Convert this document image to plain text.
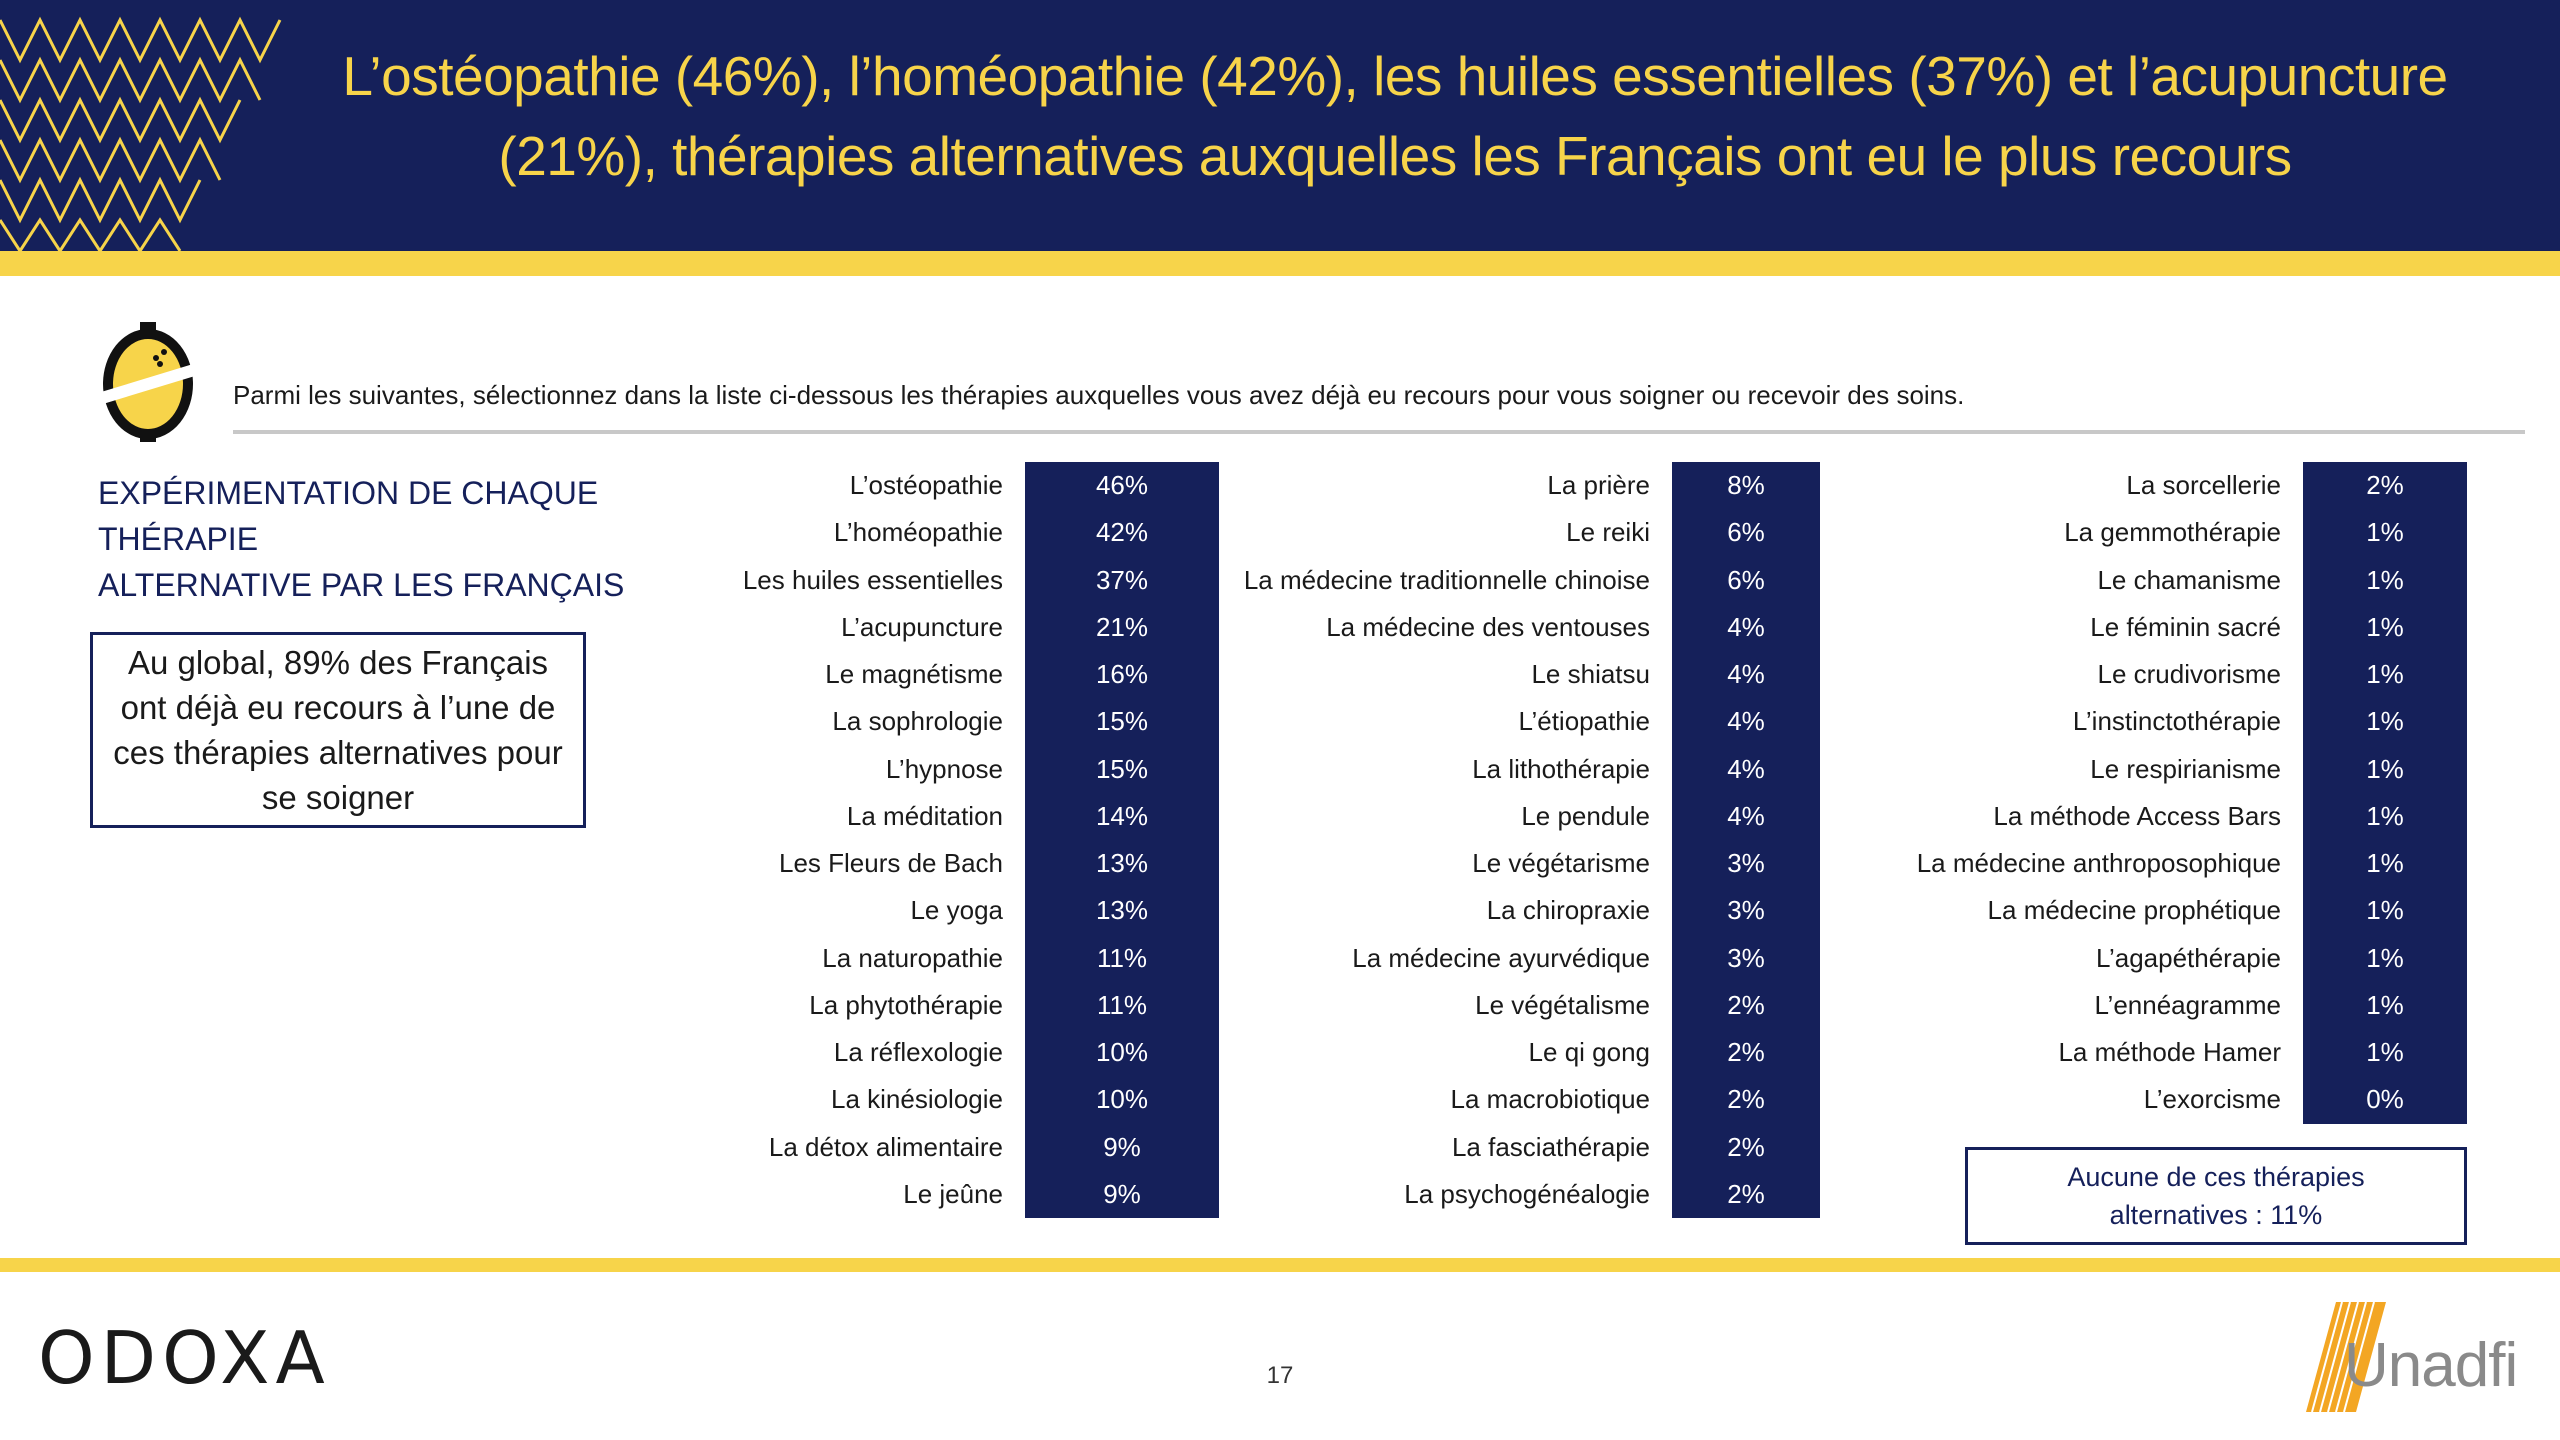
L’ostéopathie (46%), l’homéopathie (42%), les huiles essentielles (37%) et l’acupuncture
(21%), thérapies alternatives auxquelles les Français ont eu le plus recours
Parmi les suivantes, sélectionnez dans la liste ci-dessous les thérapies auxquelles vous avez déjà eu recours pour vous soigner ou recevoir des soins.
EXPÉRIMENTATION DE CHAQUE THÉRAPIE
ALTERNATIVE PAR LES FRANÇAIS
Au global, 89% des Français ont déjà eu recours à l’une de ces thérapies alternatives pour se soigner
L’ostéopathie	46%
L’homéopathie	42%
Les huiles essentielles	37%
L’acupuncture	21%
Le magnétisme	16%
La sophrologie	15%
L’hypnose	15%
La méditation	14%
Les Fleurs de Bach	13%
Le yoga	13%
La naturopathie	11%
La phytothérapie	11%
La réflexologie	10%
La kinésiologie	10%
La détox alimentaire	9%
Le jeûne	9%
La prière	8%
Le reiki	6%
La médecine traditionnelle chinoise	6%
La médecine des ventouses	4%
Le shiatsu	4%
L’étiopathie	4%
La lithothérapie	4%
Le pendule	4%
Le végétarisme	3%
La chiropraxie	3%
La médecine ayurvédique	3%
Le végétalisme	2%
Le qi gong	2%
La macrobiotique	2%
La fasciathérapie	2%
La psychogénéalogie	2%
La sorcellerie	2%
La gemmothérapie	1%
Le chamanisme	1%
Le féminin sacré	1%
Le crudivorisme	1%
L’instinctothérapie	1%
Le respirianisme	1%
La méthode Access Bars	1%
La médecine anthroposophique	1%
La médecine prophétique	1%
L’agapéthérapie	1%
L’ennéagramme	1%
La méthode Hamer	1%
L’exorcisme	0%
Aucune de ces thérapies
alternatives : 11%
ODOXA	17	Unadfi
